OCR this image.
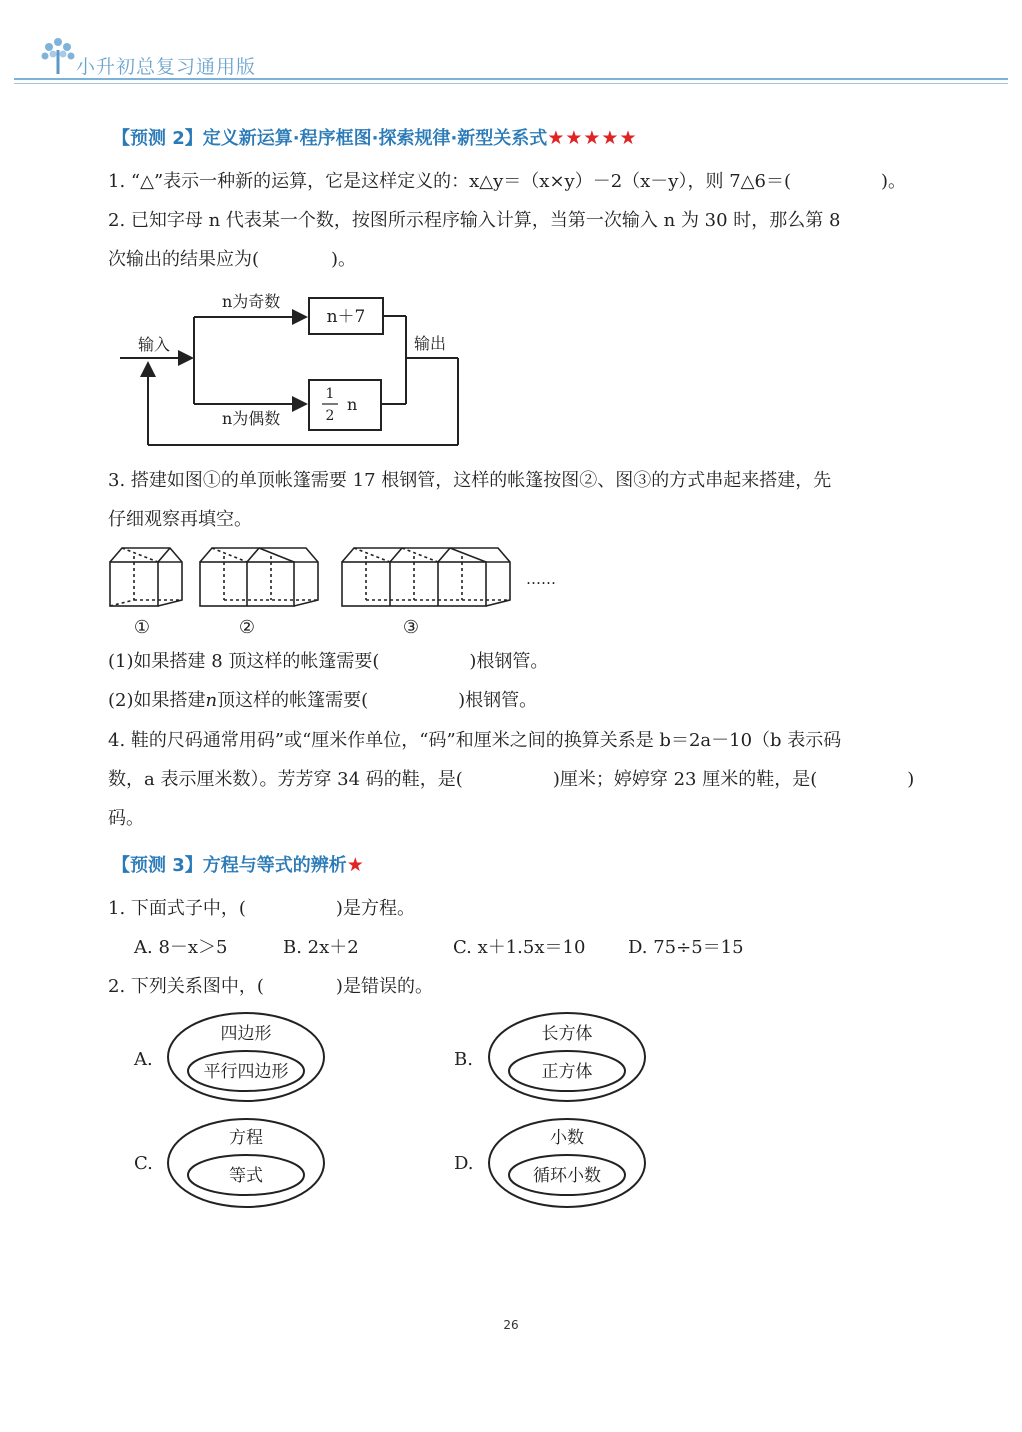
小升初总复习通用版
【预测 2】定义新运算·程序框图·探索规律·新型关系式★★★★★
1. “△”表示一种新的运算，它是这样定义的：x△y＝（x×y）－2（x－y），则 7△6＝(　　　　　)。
2. 已知字母 n 代表某一个数，按图所示程序输入计算，当第一次输入 n 为 30 时，那么第 8
次输出的结果应为(　　　　)。
输入	输出
n为奇数
n为偶数
n＋7
1
2
n
3. 搭建如图①的单顶帐篷需要 17 根钢管，这样的帐篷按图②、图③的方式串起来搭建，先
仔细观察再填空。
……
①	②	③
(1)如果搭建 8 顶这样的帐篷需要(　　　　　)根钢管。
(2)如果搭建n顶这样的帐篷需要(　　　　　)根钢管。
4. 鞋的尺码通常用码”或“厘米作单位，“码”和厘米之间的换算关系是 b＝2a－10（b 表示码
数，a 表示厘米数）。芳芳穿 34 码的鞋，是(　　　　　)厘米；婷婷穿 23 厘米的鞋，是(　　　　　)
码。
【预测 3】方程与等式的辨析★
1. 下面式子中，(　　　　　)是方程。
A. 8－x＞5	B. 2x＋2	C. x＋1.5x＝10 D. 75÷5＝15
2. 下列关系图中，(　　　　)是错误的。
A.
四边形
平行四边形
B.
长方体
正方体
C.
方程
等式
D.
小数
循环小数
26
